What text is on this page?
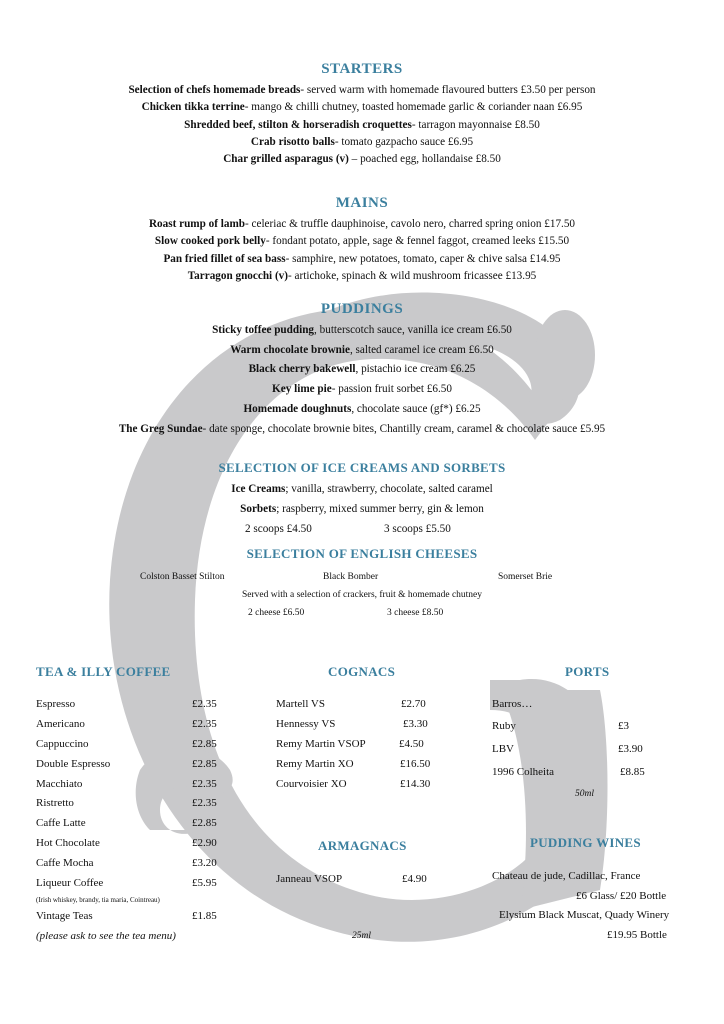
STARTERS
Selection of chefs homemade breads- served warm with homemade flavoured butters £3.50 per person
Chicken tikka terrine- mango & chilli chutney, toasted homemade garlic & coriander naan £6.95
Shredded beef, stilton & horseradish croquettes- tarragon mayonnaise £8.50
Crab risotto balls- tomato gazpacho sauce £6.95
Char grilled asparagus (v) – poached egg, hollandaise £8.50
MAINS
Roast rump of lamb- celeriac & truffle dauphinoise, cavolo nero, charred spring onion £17.50
Slow cooked pork belly- fondant potato, apple, sage & fennel faggot, creamed leeks £15.50
Pan fried fillet of sea bass- samphire, new potatoes, tomato, caper & chive salsa £14.95
Tarragon gnocchi (v)- artichoke, spinach & wild mushroom fricassee £13.95
PUDDINGS
Sticky toffee pudding, butterscotch sauce, vanilla ice cream £6.50
Warm chocolate brownie, salted caramel ice cream £6.50
Black cherry bakewell, pistachio ice cream £6.25
Key lime pie- passion fruit sorbet £6.50
Homemade doughnuts, chocolate sauce (gf*) £6.25
The Greg Sundae- date sponge, chocolate brownie bites, Chantilly cream, caramel & chocolate sauce £5.95
SELECTION OF ICE CREAMS AND SORBETS
Ice Creams; vanilla, strawberry, chocolate, salted caramel
Sorbets; raspberry, mixed summer berry, gin & lemon
2 scoops £4.50	3 scoops £5.50
SELECTION OF ENGLISH CHEESES
Colston Basset Stilton	Black Bomber	Somerset Brie
Served with a selection of crackers, fruit & homemade chutney
2 cheese £6.50	3 cheese £8.50
TEA & ILLY COFFEE
Espresso	£2.35
Americano	£2.35
Cappuccino	£2.85
Double Espresso	£2.85
Macchiato	£2.35
Ristretto	£2.35
Caffe Latte	£2.85
Hot Chocolate	£2.90
Caffe Mocha	£3.20
Liqueur Coffee	£5.95
(Irish whiskey, brandy, tia maria, Cointreau)
Vintage Teas	£1.85
(please ask to see the tea menu)
COGNACS
Martell VS	£2.70
Hennessy VS	£3.30
Remy Martin VSOP	£4.50
Remy Martin XO	£16.50
Courvoisier XO	£14.30
ARMAGNACS
Janneau VSOP	£4.90
25ml
PORTS
Barros…
Ruby	£3
LBV	£3.90
1996 Colheita	£8.85
50ml
PUDDING WINES
Chateau de jude, Cadillac, France
£6 Glass/ £20 Bottle
Elysium Black Muscat, Quady Winery
£19.95 Bottle
